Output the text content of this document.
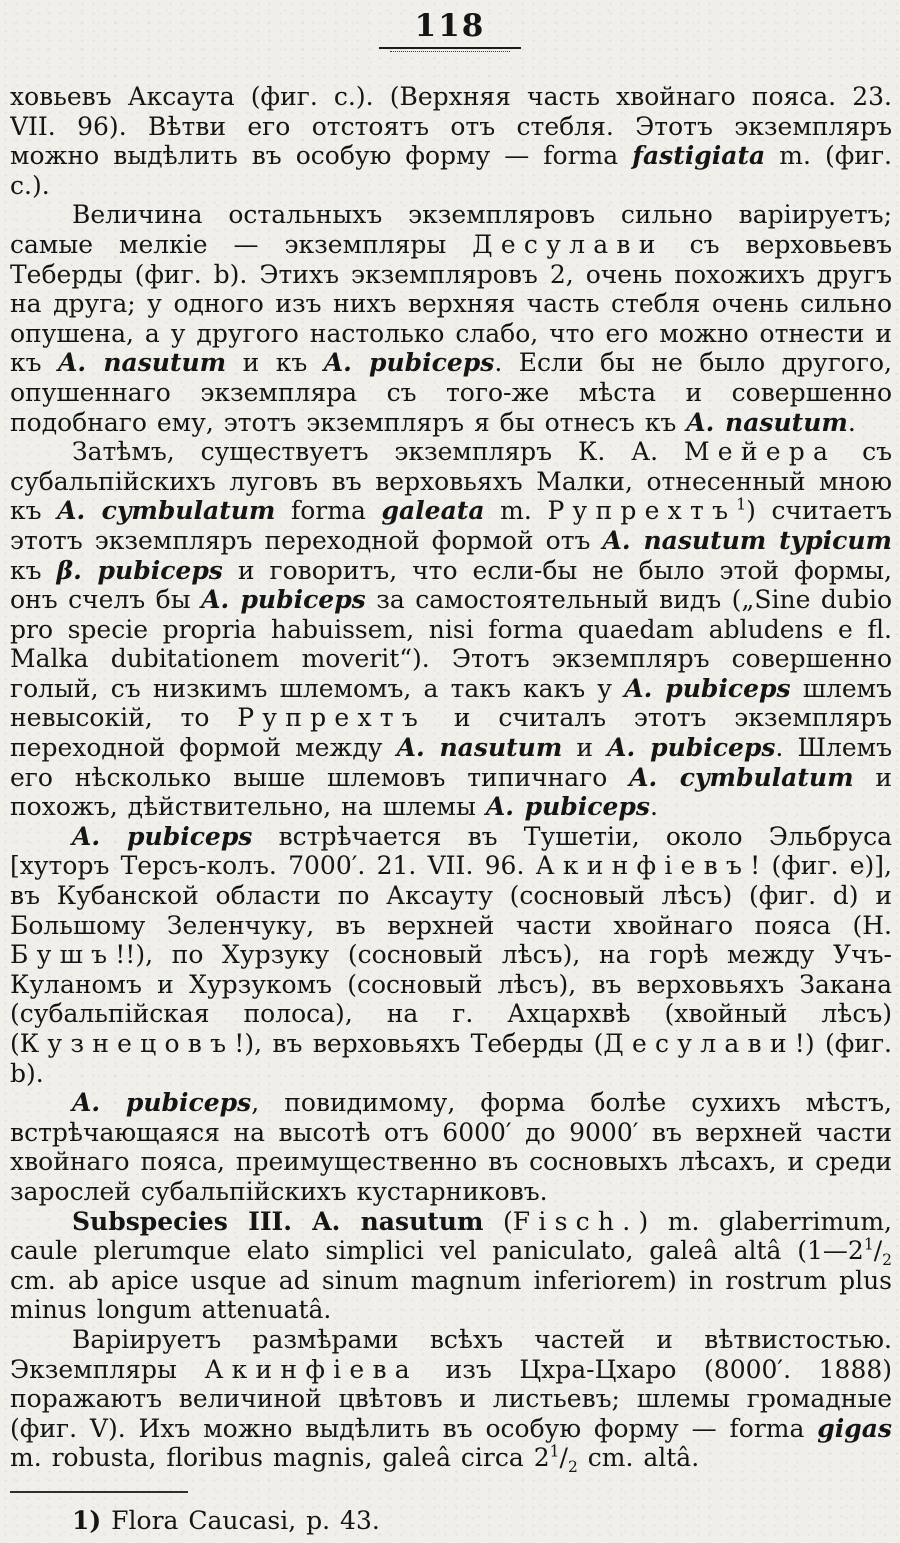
118

ховьевъ Аксаута (фиг. c.). (Верхняя часть хвойнаго пояса. 23. VII. 96). Вѣтви его отстоятъ отъ стебля. Этотъ экземпляръ можно выдѣлить въ особую форму — forma fastigiata m. (фиг. c.).

Величина остальныхъ экземпляровъ сильно варіируетъ; самые мелкіе — экземпляры Десулави съ верховьевъ Теберды (фиг. b). Этихъ экземпляровъ 2, очень похожихъ другъ на друга; у одного изъ нихъ верхняя часть стебля очень сильно опушена, а у другого настолько слабо, что его можно отнести и къ A. nasutum и къ A. pubiceps. Если бы не было другого, опушеннаго экземпляра съ того-же мѣста и совершенно подобнаго ему, этотъ экземпляръ я бы отнесъ къ A. nasutum.

Затѣмъ, существуетъ экземпляръ К. А. Мейера съ субальпійскихъ луговъ въ верховьяхъ Малки, отнесенный мною къ A. cymbulatum forma galeata m. Рупрехтъ$^1$) считаетъ этотъ экземпляръ переходной формой отъ A. nasutum typicum къ β. pubiceps и говоритъ, что если-бы не было этой формы, онъ счелъ бы A. pubiceps за самостоятельный видъ („Sine dubio pro specie propria habuissem, nisi forma quaedam abludens e fl. Malka dubitationem moverit“). Этотъ экземпляръ совершенно голый, съ низкимъ шлемомъ, а такъ какъ у A. pubiceps шлемъ невысокій, то Рупрехтъ и считалъ этотъ экземпляръ переходной формой между A. nasutum и A. pubiceps. Шлемъ его нѣсколько выше шлемовъ типичнаго A. cymbulatum и похожъ, дѣйствительно, на шлемы A. pubiceps.

A. pubiceps встрѣчается въ Тушетіи, около Эльбруса [хуторъ Терсъ-колъ. 7000′. 21. VII. 96. Акинфіевъ! (фиг. e)], въ Кубанской области по Аксауту (сосновый лѣсъ) (фиг. d) и Большому Зеленчуку, въ верхней части хвойнаго пояса (Н. Бушъ!!), по Хурзуку (сосновый лѣсъ), на горѣ между Учъ-Куланомъ и Хурзукомъ (сосновый лѣсъ), въ верховьяхъ Закана (субальпійская полоса), на г. Ахцархвѣ (хвойный лѣсъ) (Кузнецовъ!), въ верховьяхъ Теберды (Десулави!) (фиг. b).

A. pubiceps, повидимому, форма болѣе сухихъ мѣстъ, встрѣчающаяся на высотѣ отъ 6000′ до 9000′ въ верхней части хвойнаго пояса, преимущественно въ сосновыхъ лѣсахъ, и среди зарослей субальпійскихъ кустарниковъ.

Subspecies III. A. nasutum (Fisch.) m. glaberrimum, caule plerumque elato simplici vel paniculato, galeâ altâ ($1—2^1/_2$ cm. ab apice usque ad sinum magnum inferiorem) in rostrum plus minus longum attenuatâ.

Варіируетъ размѣрами всѣхъ частей и вѣтвистостью. Экземпляры Акинфіева изъ Цхра-Цхаро (8000′. 1888) поражаютъ величиной цвѣтовъ и листьевъ; шлемы громадные (фиг. V). Ихъ можно выдѣлить въ особую форму — forma gigas m. robusta, floribus magnis, galeâ circa $2^1/_2$ cm. altâ.

1) Flora Caucasi, p. 43.
